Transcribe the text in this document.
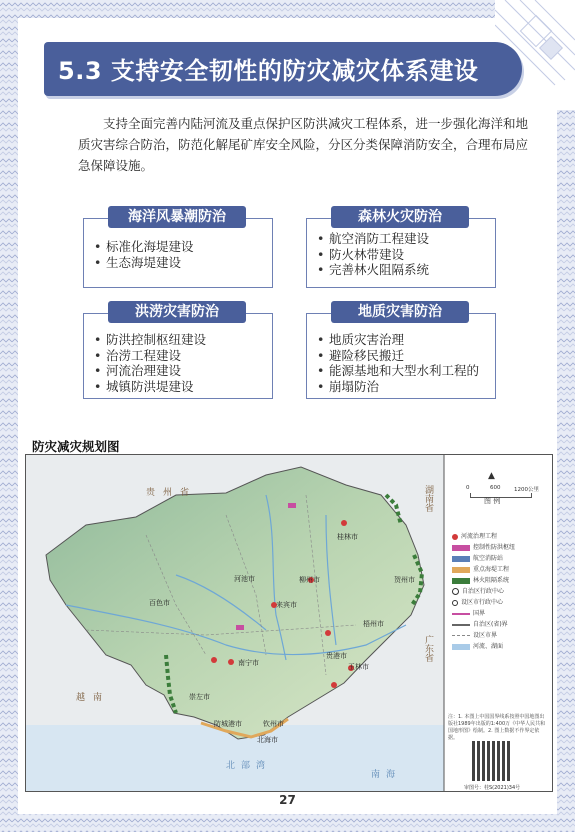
5.3 支持安全韧性的防灾减灾体系建设

支持全面完善内陆河流及重点保护区防洪减灾工程体系，进一步强化海洋和地质灾害综合防治，防范化解尾矿库安全风险，分区分类保障消防安全，合理布局应急保障设施。

海洋风暴潮防治
• 标准化海堤建设
• 生态海堤建设
森林火灾防治
• 航空消防工程建设
• 防火林带建设
• 完善林火阻隔系统
洪涝灾害防治
• 防洪控制枢纽建设
• 治涝工程建设
• 河流治理建设
• 城镇防洪堤建设
地质灾害防治
• 地质灾害治理
• 避险移民搬迁
• 能源基地和大型水利工程的
• 崩塌防治
防灾减灾规划图
贵州省	湖南省
广东省
越南
北部湾
南海
百色市
河池市	柳州市
桂林市
贺州市
来宾市
梧州市
南宁市
贵港市
玉林市
崇左市
防城港市	钦州市
北海市
▲
0	600 1200公里
图 例
河流治理工程
控制性防洪枢纽
航空消防站
重点海堤工程
林火阻隔系统
自治区行政中心
设区市行政中心
国界
自治区(省)界
设区市界
河流、湖面
注：1. 本图上中国国界线系按照中国地图出版社1989年出版的1:400万《中华人民共和国地形图》绘制。2. 图上数据不作界定依据。
审图号：桂S(2021)34号
27
